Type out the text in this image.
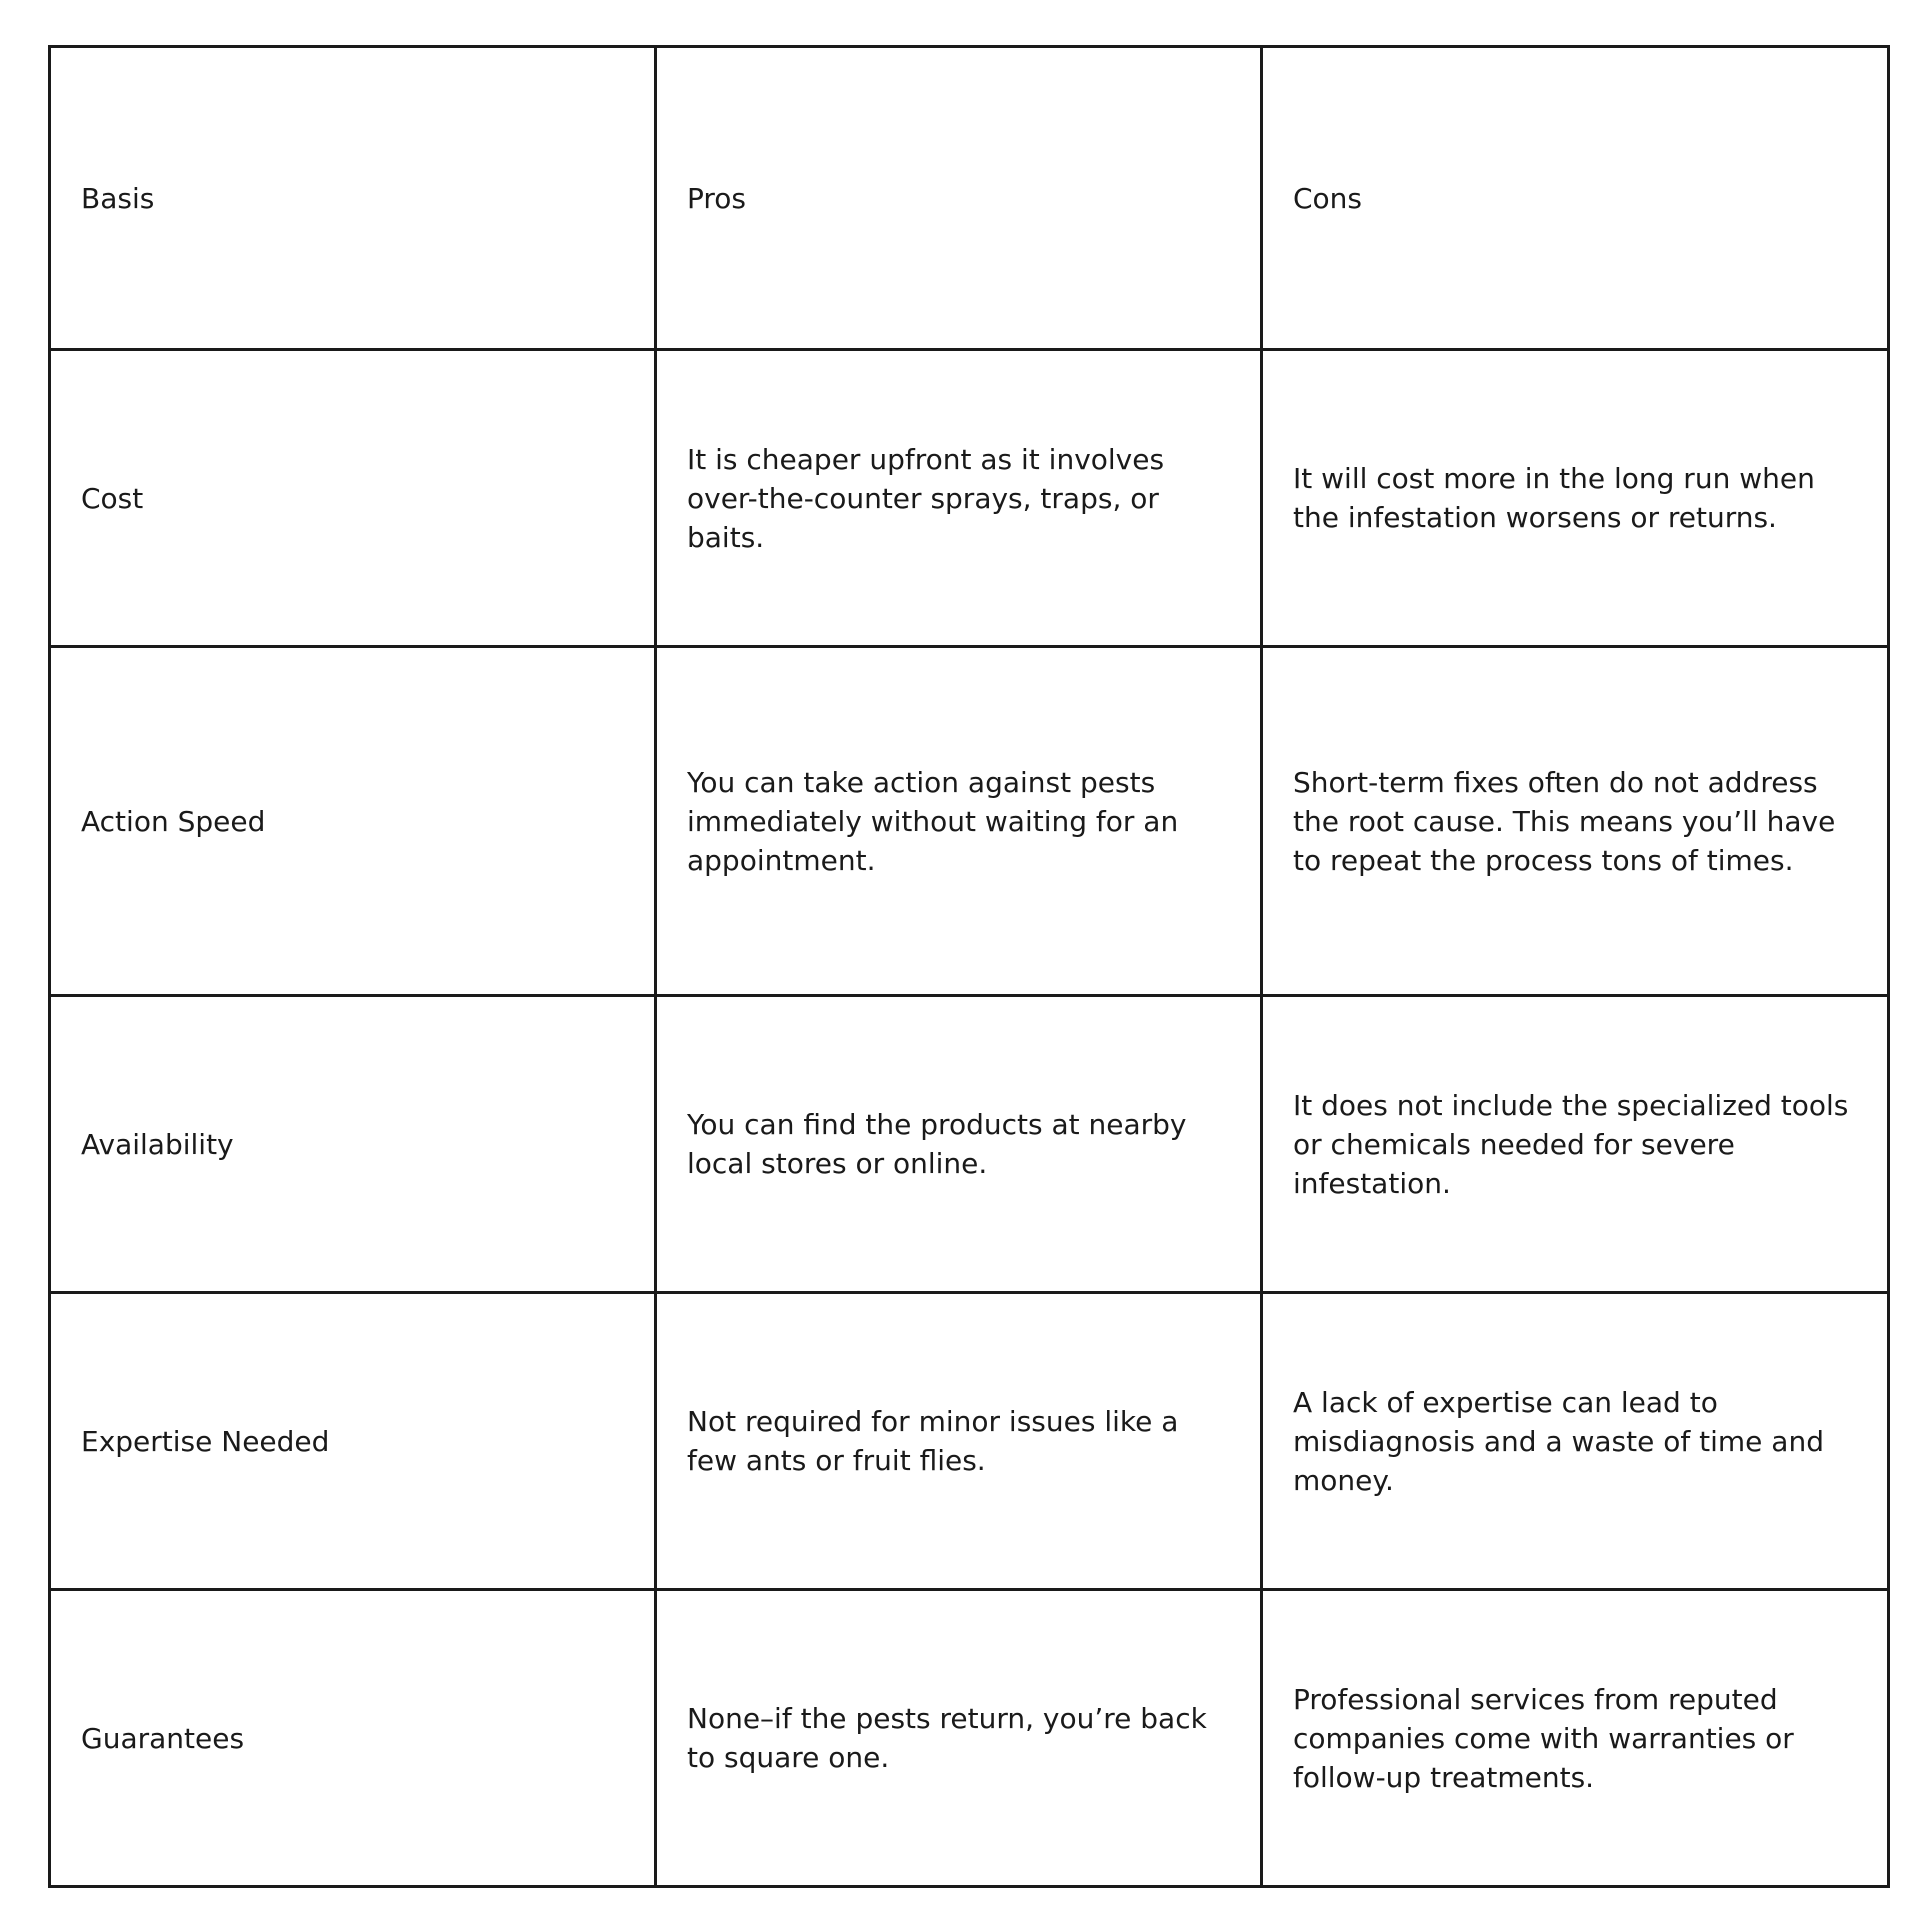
Basis	Pros	Cons
Cost	It is cheaper upfront as it involves over-the-counter sprays, traps, or baits.	It will cost more in the long run when the infestation worsens or returns.
Action Speed	You can take action against pests immediately without waiting for an appointment.	Short-term fixes often do not address the root cause. This means you’ll have to repeat the process tons of times.
Availability	You can find the products at nearby local stores or online.	It does not include the specialized tools or chemicals needed for severe infestation.
Expertise Needed	Not required for minor issues like a few ants or fruit flies.	A lack of expertise can lead to misdiagnosis and a waste of time and money.
Guarantees	None–if the pests return, you’re back to square one.	Professional services from reputed companies come with warranties or follow-up treatments.
